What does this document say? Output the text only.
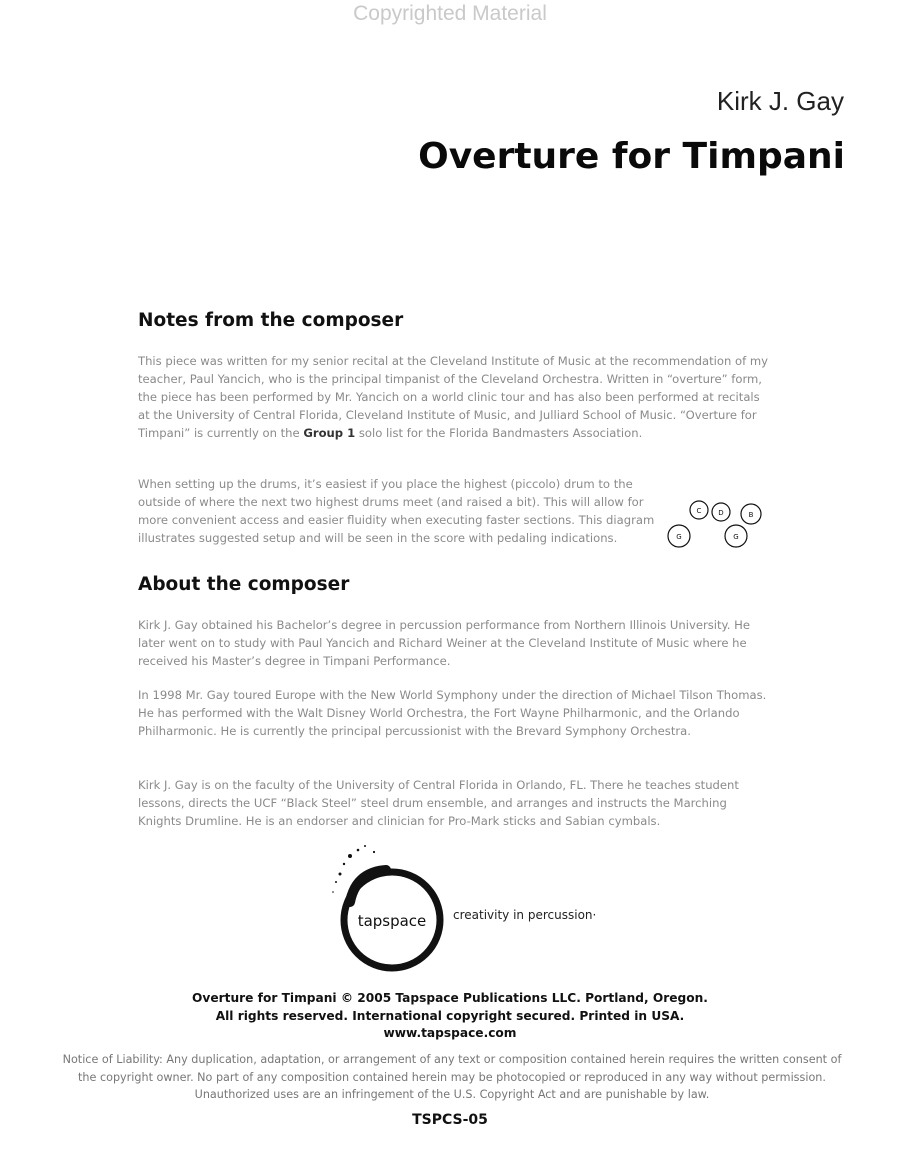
Copyrighted Material
Kirk J. Gay
Overture for Timpani
Notes from the composer

This piece was written for my senior recital at the Cleveland Institute of Music at the recommendation of my teacher, Paul Yancich, who is the principal timpanist of the Cleveland Orchestra. Written in “overture” form, the piece has been performed by Mr. Yancich on a world clinic tour and has also been performed at recitals at the University of Central Florida, Cleveland Institute of Music, and Julliard School of Music. “Overture for Timpani” is currently on the Group 1 solo list for the Florida Bandmasters Association.

When setting up the drums, it’s easiest if you place the highest (piccolo) drum to the outside of where the next two highest drums meet (and raised a bit). This will allow for more convenient access and easier fluidity when executing faster sections. This diagram illustrates suggested setup and will be seen in the score with pedaling indications.	G
C D	B
G
About the composer

Kirk J. Gay obtained his Bachelor’s degree in percussion performance from Northern Illinois University. He later went on to study with Paul Yancich and Richard Weiner at the Cleveland Institute of Music where he received his Master’s degree in Timpani Performance.

In 1998 Mr. Gay toured Europe with the New World Symphony under the direction of Michael Tilson Thomas. He has performed with the Walt Disney World Orchestra, the Fort Wayne Philharmonic, and the Orlando Philharmonic. He is currently the principal percussionist with the Brevard Symphony Orchestra.

Kirk J. Gay is on the faculty of the University of Central Florida in Orlando, FL. There he teaches student lessons, directs the UCF “Black Steel” steel drum ensemble, and arranges and instructs the Marching Knights Drumline. He is an endorser and clinician for Pro-Mark sticks and Sabian cymbals.

tapspace creativity in percussion·
Overture for Timpani © 2005 Tapspace Publications LLC. Portland, Oregon.
All rights reserved. International copyright secured. Printed in USA.
www.tapspace.com
Notice of Liability: Any duplication, adaptation, or arrangement of any text or composition contained herein requires the written consent of the copyright owner. No part of any composition contained herein may be photocopied or reproduced in any way without permission. Unauthorized uses are an infringement of the U.S. Copyright Act and are punishable by law.
TSPCS-05
